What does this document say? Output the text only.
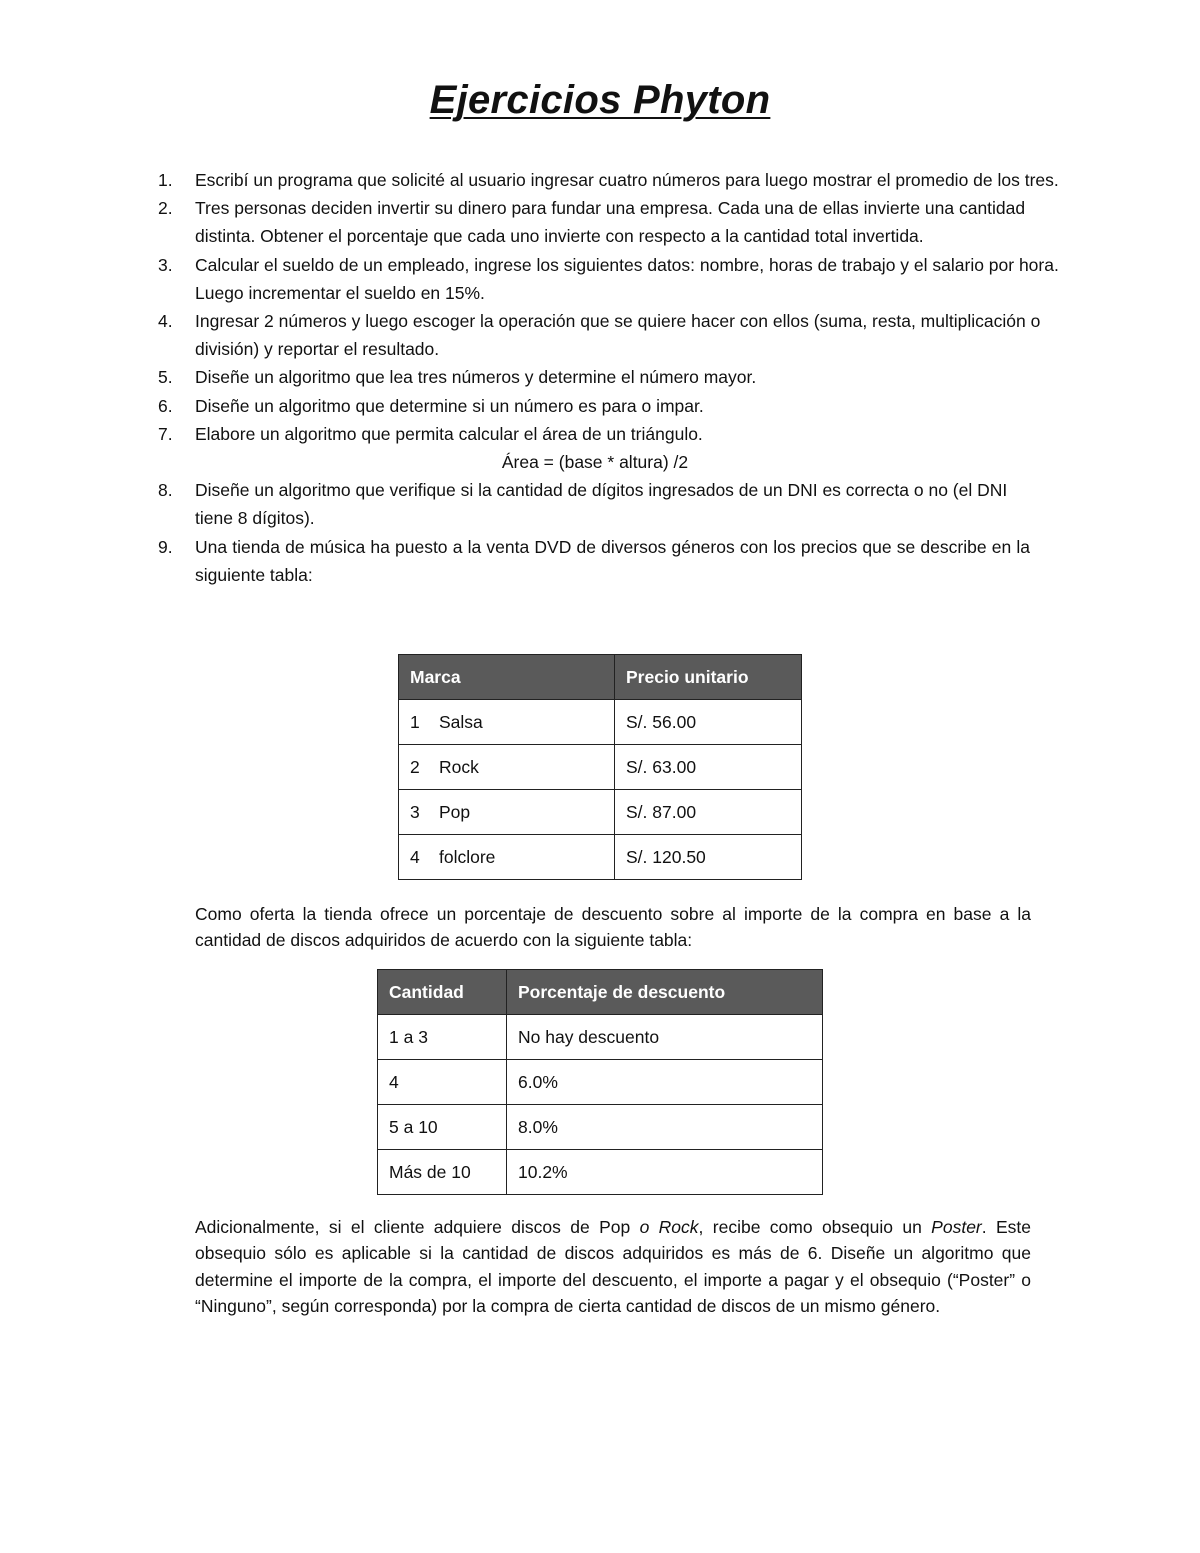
Ejercicios Phyton
1. Escribí un programa que solicité al usuario ingresar cuatro números para luego mostrar el promedio de los tres.
2. Tres personas deciden invertir su dinero para fundar una empresa. Cada una de ellas invierte una cantidad distinta. Obtener el porcentaje que cada uno invierte con respecto a la cantidad total invertida.
3. Calcular el sueldo de un empleado, ingrese los siguientes datos: nombre, horas de trabajo y el salario por hora. Luego incrementar el sueldo en 15%.
4. Ingresar 2 números y luego escoger la operación que se quiere hacer con ellos (suma, resta, multiplicación o división) y reportar el resultado.
5. Diseñe un algoritmo que lea tres números y determine el número mayor.
6. Diseñe un algoritmo que determine si un número es para o impar.
7. Elabore un algoritmo que permita calcular el área de un triángulo.
Área = (base * altura) /2
8. Diseñe un algoritmo que verifique si la cantidad de dígitos ingresados de un DNI es correcta o no (el DNI tiene 8 dígitos).
9. Una tienda de música ha puesto a la venta DVD de diversos géneros con los precios que se describe en la siguiente tabla:
Marca	Precio unitario
1 Salsa	S/. 56.00
2 Rock	S/. 63.00
3 Pop	S/. 87.00
4 folclore	S/. 120.50

Como oferta la tienda ofrece un porcentaje de descuento sobre al importe de la compra en base a la cantidad de discos adquiridos de acuerdo con la siguiente tabla:

Cantidad	Porcentaje de descuento
1 a 3	No hay descuento
4	6.0%
5 a 10	8.0%
Más de 10	10.2%

Adicionalmente, si el cliente adquiere discos de Pop o Rock, recibe como obsequio un Poster. Este obsequio sólo es aplicable si la cantidad de discos adquiridos es más de 6. Diseñe un algoritmo que determine el importe de la compra, el importe del descuento, el importe a pagar y el obsequio (“Poster” o “Ninguno”, según corresponda) por la compra de cierta cantidad de discos de un mismo género.
